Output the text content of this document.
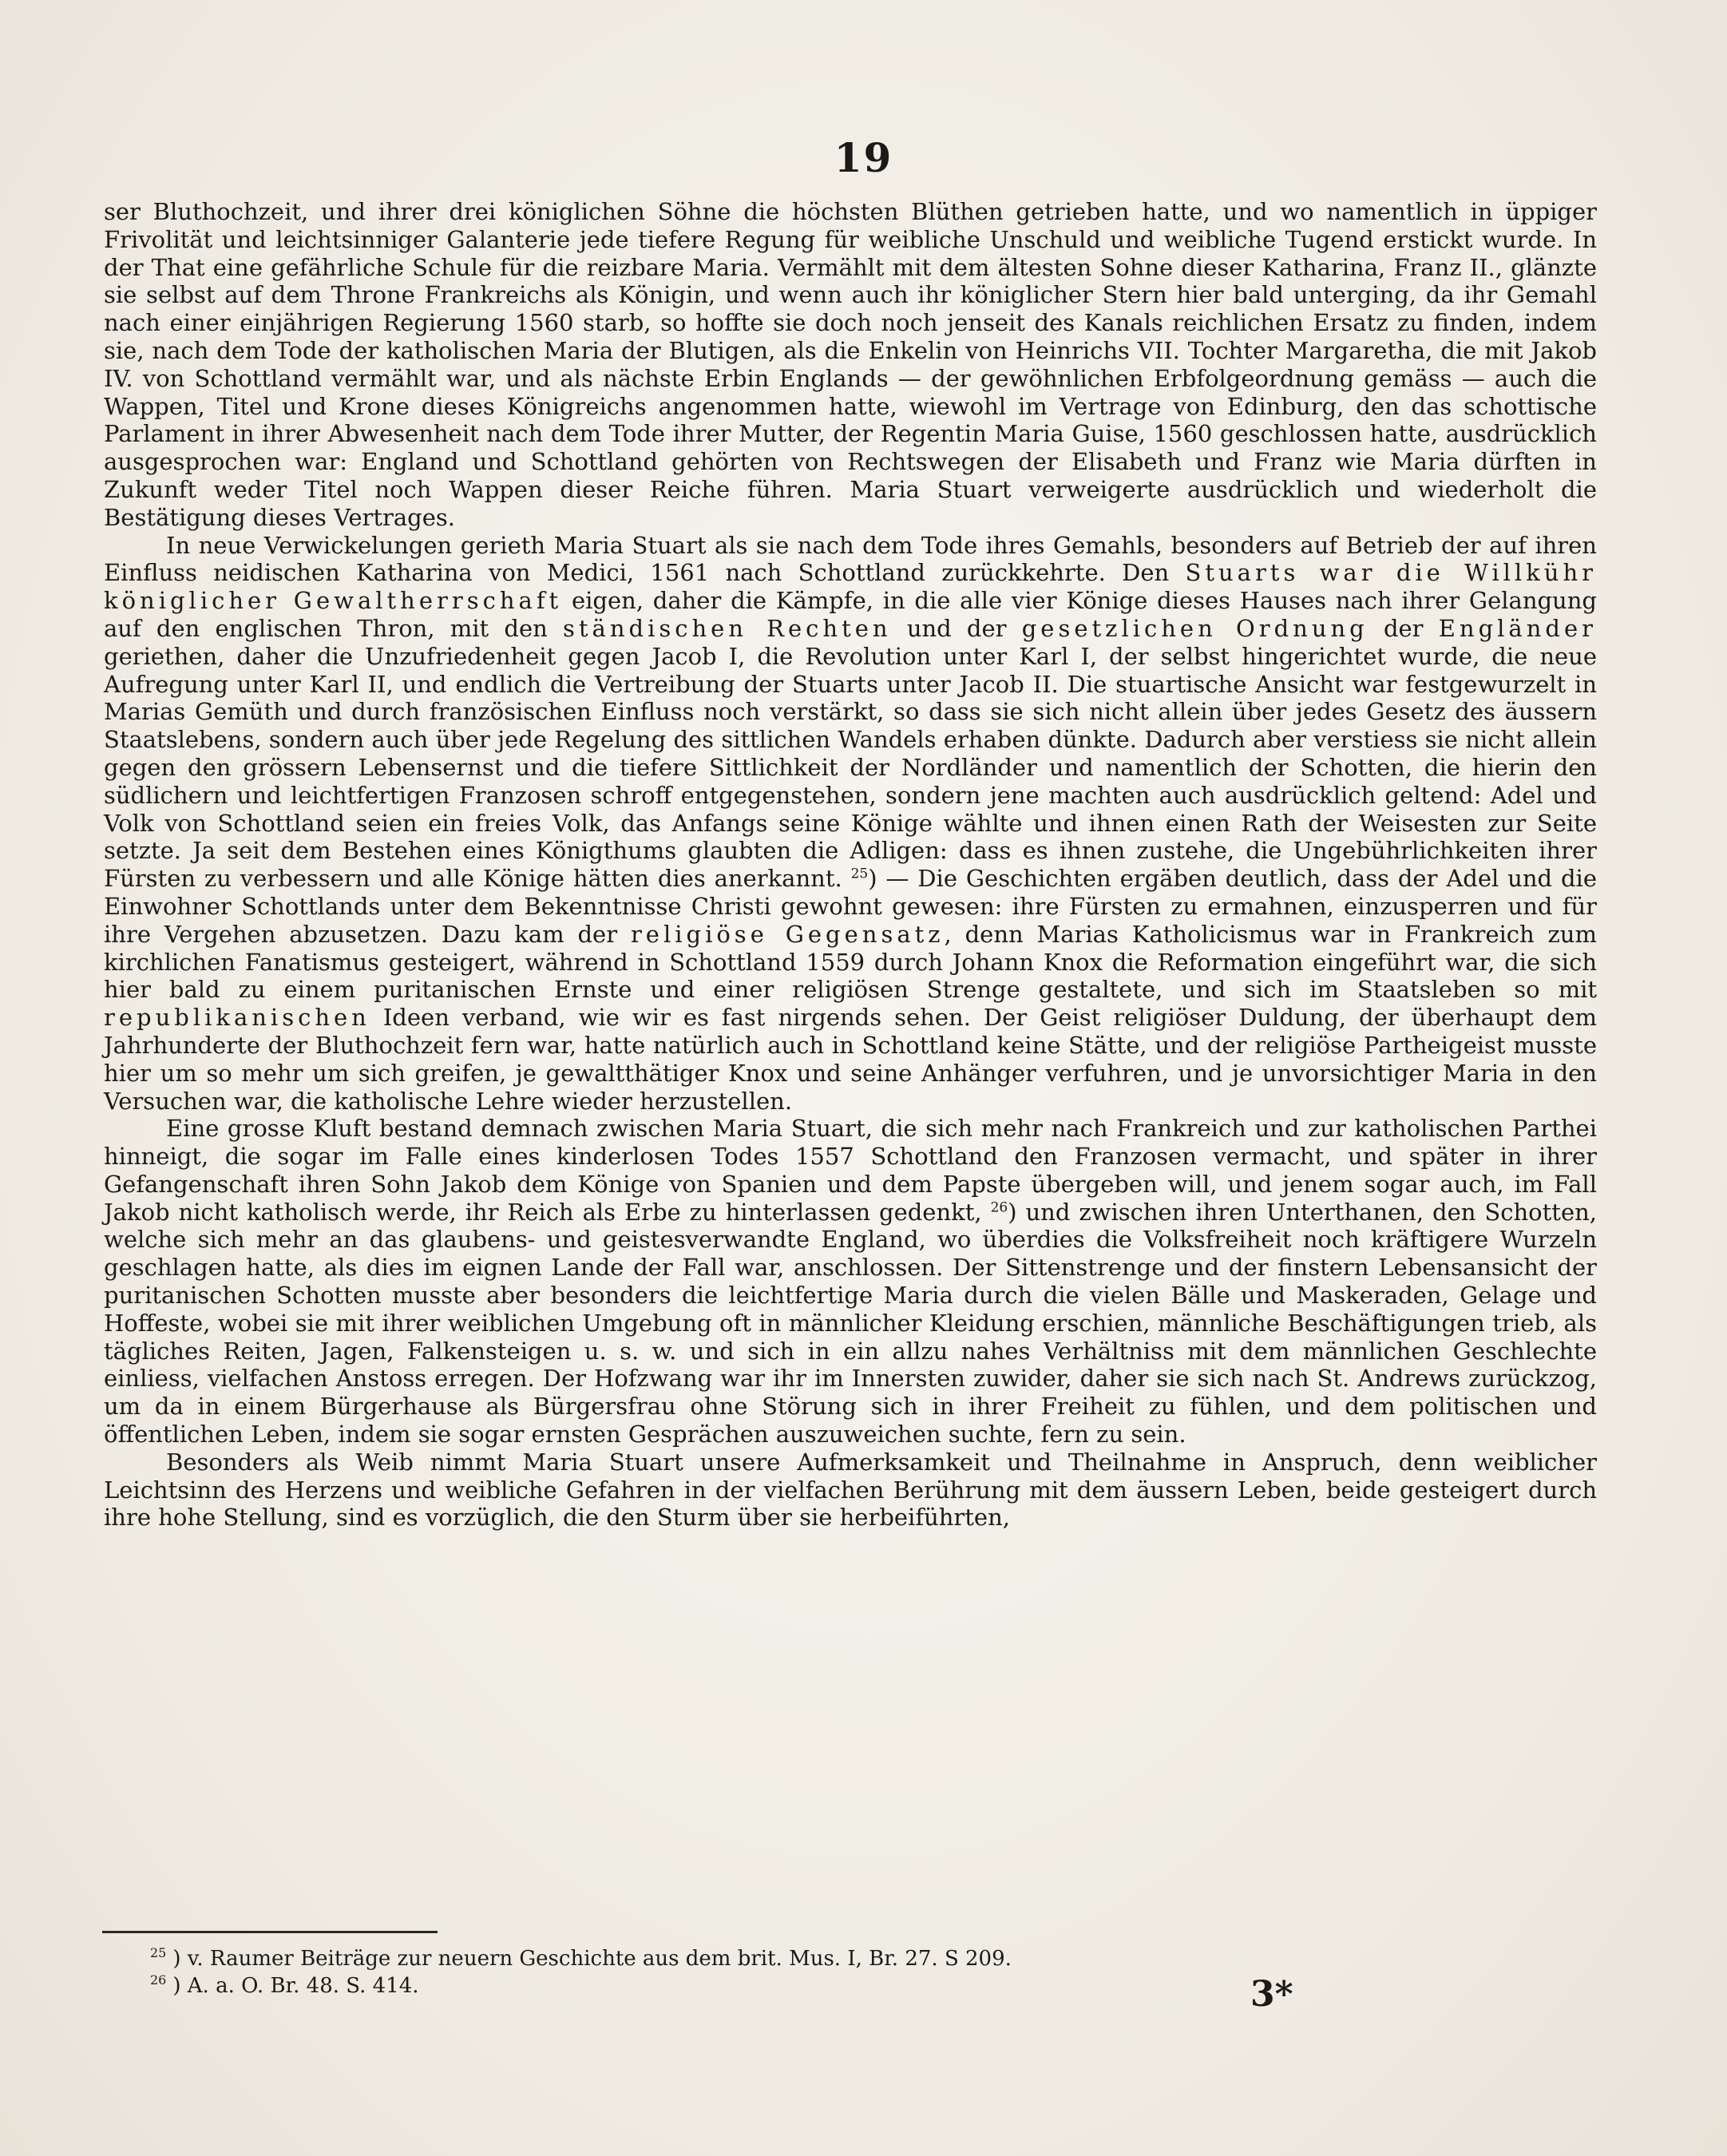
19

ser Bluthochzeit, und ihrer drei königlichen Söhne die höchsten Blüthen getrieben hatte, und wo namentlich in üppiger Frivolität und leichtsinniger Galanterie jede tiefere Regung für weibliche Unschuld und weibliche Tugend erstickt wurde. In der That eine gefährliche Schule für die reizbare Maria. Vermählt mit dem ältesten Sohne dieser Katharina, Franz II., glänzte sie selbst auf dem Throne Frankreichs als Königin, und wenn auch ihr königlicher Stern hier bald unterging, da ihr Gemahl nach einer einjährigen Regierung 1560 starb, so hoffte sie doch noch jenseit des Kanals reichlichen Ersatz zu finden, indem sie, nach dem Tode der katholischen Maria der Blutigen, als die Enkelin von Heinrichs VII. Tochter Margaretha, die mit Jakob IV. von Schottland vermählt war, und als nächste Erbin Englands — der gewöhnlichen Erbfolgeordnung gemäss — auch die Wappen, Titel und Krone dieses Königreichs angenommen hatte, wiewohl im Vertrage von Edinburg, den das schottische Parlament in ihrer Abwesenheit nach dem Tode ihrer Mutter, der Regentin Maria Guise, 1560 geschlossen hatte, ausdrücklich ausgesprochen war: England und Schottland gehörten von Rechtswegen der Elisabeth und Franz wie Maria dürften in Zukunft weder Titel noch Wappen dieser Reiche führen. Maria Stuart verweigerte ausdrücklich und wiederholt die Bestätigung dieses Vertrages.

In neue Verwickelungen gerieth Maria Stuart als sie nach dem Tode ihres Gemahls, besonders auf Betrieb der auf ihren Einfluss neidischen Katharina von Medici, 1561 nach Schottland zurückkehrte. Den Stuarts war die Willkühr königlicher Gewaltherrschaft eigen, daher die Kämpfe, in die alle vier Könige dieses Hauses nach ihrer Gelangung auf den englischen Thron, mit den ständischen Rechten und der gesetzlichen Ordnung der Engländer geriethen, daher die Unzufriedenheit gegen Jacob I, die Revolution unter Karl I, der selbst hingerichtet wurde, die neue Aufregung unter Karl II, und endlich die Vertreibung der Stuarts unter Jacob II. Die stuartische Ansicht war festgewurzelt in Marias Gemüth und durch französischen Einfluss noch verstärkt, so dass sie sich nicht allein über jedes Gesetz des äussern Staatslebens, sondern auch über jede Regelung des sittlichen Wandels erhaben dünkte. Dadurch aber verstiess sie nicht allein gegen den grössern Lebensernst und die tiefere Sittlichkeit der Nordländer und namentlich der Schotten, die hierin den südlichern und leichtfertigen Franzosen schroff entgegenstehen, sondern jene machten auch ausdrücklich geltend: Adel und Volk von Schottland seien ein freies Volk, das Anfangs seine Könige wählte und ihnen einen Rath der Weisesten zur Seite setzte. Ja seit dem Bestehen eines Königthums glaubten die Adligen: dass es ihnen zustehe, die Ungebührlichkeiten ihrer Fürsten zu verbessern und alle Könige hätten dies anerkannt. $^{25}$) — Die Geschichten ergäben deutlich, dass der Adel und die Einwohner Schottlands unter dem Bekenntnisse Christi gewohnt gewesen: ihre Fürsten zu ermahnen, einzusperren und für ihre Vergehen abzusetzen. Dazu kam der religiöse Gegensatz, denn Marias Katholicismus war in Frankreich zum kirchlichen Fanatismus gesteigert, während in Schottland 1559 durch Johann Knox die Reformation eingeführt war, die sich hier bald zu einem puritanischen Ernste und einer religiösen Strenge gestaltete, und sich im Staatsleben so mit republikanischen Ideen verband, wie wir es fast nirgends sehen. Der Geist religiöser Duldung, der überhaupt dem Jahrhunderte der Bluthochzeit fern war, hatte natürlich auch in Schottland keine Stätte, und der religiöse Partheigeist musste hier um so mehr um sich greifen, je gewaltthätiger Knox und seine Anhänger verfuhren, und je unvorsichtiger Maria in den Versuchen war, die katholische Lehre wieder herzustellen.

Eine grosse Kluft bestand demnach zwischen Maria Stuart, die sich mehr nach Frankreich und zur katholischen Parthei hinneigt, die sogar im Falle eines kinderlosen Todes 1557 Schottland den Franzosen vermacht, und später in ihrer Gefangenschaft ihren Sohn Jakob dem Könige von Spanien und dem Papste übergeben will, und jenem sogar auch, im Fall Jakob nicht katholisch werde, ihr Reich als Erbe zu hinterlassen gedenkt, $^{26}$) und zwischen ihren Unterthanen, den Schotten, welche sich mehr an das glaubens- und geistesverwandte England, wo überdies die Volksfreiheit noch kräftigere Wurzeln geschlagen hatte, als dies im eignen Lande der Fall war, anschlossen. Der Sittenstrenge und der finstern Lebensansicht der puritanischen Schotten musste aber besonders die leichtfertige Maria durch die vielen Bälle und Maskeraden, Gelage und Hoffeste, wobei sie mit ihrer weiblichen Umgebung oft in männlicher Kleidung erschien, männliche Beschäftigungen trieb, als tägliches Reiten, Jagen, Falkensteigen u. s. w. und sich in ein allzu nahes Verhältniss mit dem männlichen Geschlechte einliess, vielfachen Anstoss erregen. Der Hofzwang war ihr im Innersten zuwider, daher sie sich nach St. Andrews zurückzog, um da in einem Bürgerhause als Bürgersfrau ohne Störung sich in ihrer Freiheit zu fühlen, und dem politischen und öffentlichen Leben, indem sie sogar ernsten Gesprächen auszuweichen suchte, fern zu sein.

Besonders als Weib nimmt Maria Stuart unsere Aufmerksamkeit und Theilnahme in Anspruch, denn weiblicher Leichtsinn des Herzens und weibliche Gefahren in der vielfachen Berührung mit dem äussern Leben, beide gesteigert durch ihre hohe Stellung, sind es vorzüglich, die den Sturm über sie herbeiführten,

$^{25}$ ) v. Raumer Beiträge zur neuern Geschichte aus dem brit. Mus. I, Br. 27. S 209.

$^{26}$ ) A. a. O. Br. 48. S. 414.	3*
